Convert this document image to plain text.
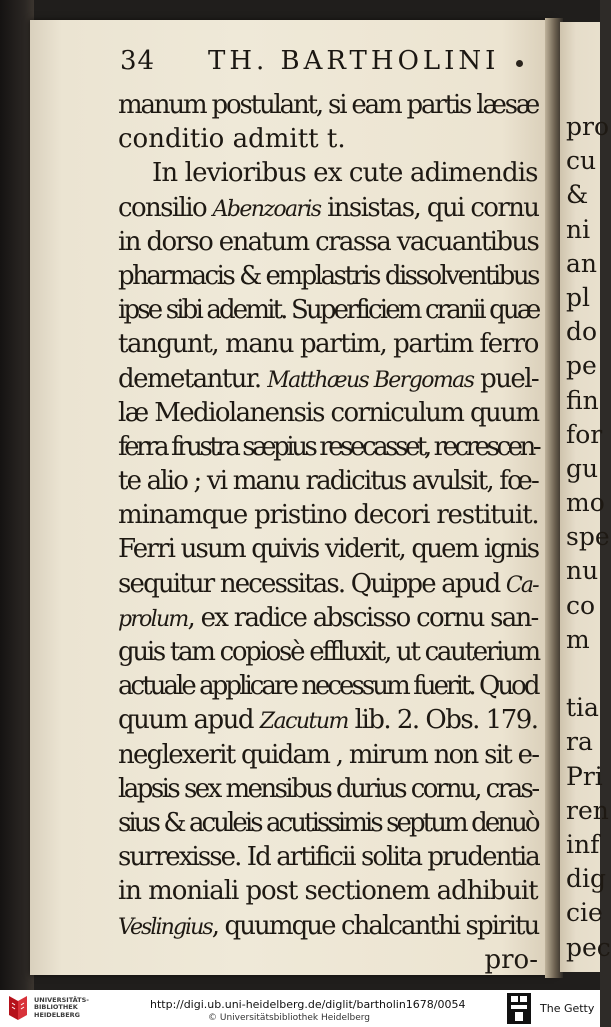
pro
cu
&
ni
an
pl
do
pe
fin
for
gu
mo
spe
nu
co
m
tia
ra
Pri
ren
inf
dig
cie
pec
34 TH. BARTHOLINI
manum postulant, si eam partis læsæ
conditio admitt t.
In levioribus ex cute adimendis
consilio Abenzoaris insistas, qui cornu
in dorso enatum crassa vacuantibus
pharmacis & emplastris dissolventibus
ipse sibi ademit. Superficiem cranii quæ
tangunt, manu partim, partim ferro
demetantur. Matthæus Bergomas puel-
læ Mediolanensis corniculum quum
ferra frustra sæpius resecasset, recrescen-
te alio ; vi manu radicitus avulsit, fœ-
minamque pristino decori restituit.
Ferri usum quivis viderit, quem ignis
sequitur necessitas. Quippe apud Ca-
prolum, ex radice abscisso cornu san-
guis tam copiosè effluxit, ut cauterium
actuale applicare necessum fuerit. Quod
quum apud Zacutum lib. 2. Obs. 179.
neglexerit quidam , mirum non sit e-
lapsis sex mensibus durius cornu, cras-
sius & aculeis acutissimis septum denuò
surrexisse. Id artificii solita prudentia
in moniali post sectionem adhibuit
Veslingius, quumque chalcanthi spiritu
pro-
UNIVERSITÄTS-
BIBLIOTHEK
HEIDELBERG
http://digi.ub.uni-heidelberg.de/diglit/bartholin1678/0054
© Universitätsbibliothek Heidelberg
The Getty
